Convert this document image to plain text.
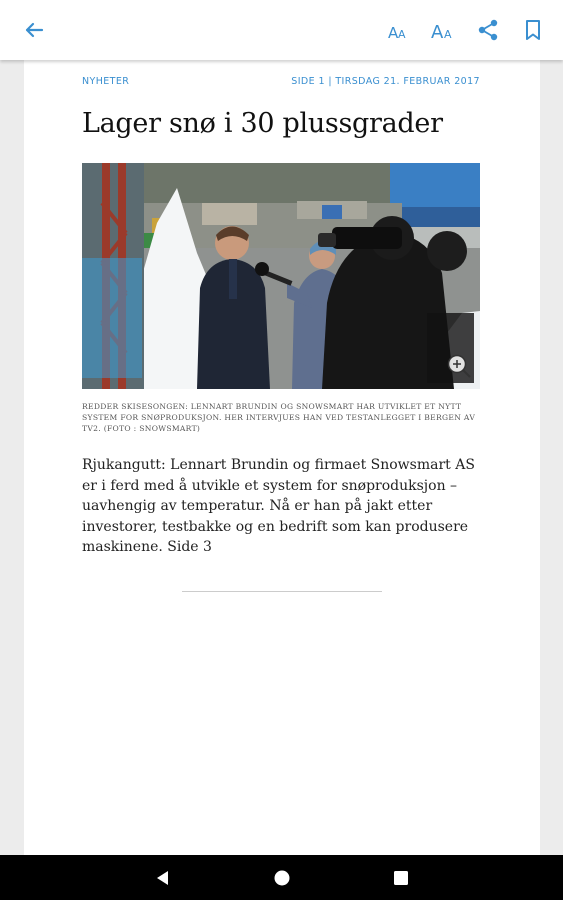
A A A A
NYHETER	SIDE 1 | TIRSDAG 21. FEBRUAR 2017
Lager snø i 30 plussgrader

REDDER SKISESONGEN: LENNART BRUNDIN OG SNOWSMART HAR UTVIKLET ET NYTT SYSTEM FOR SNØPRODUKSJON. HER INTERVJUES HAN VED TESTANLEGGET I BERGEN AV TV2. (FOTO : SNOWSMART)

Rjukangutt: Lennart Brundin og firmaet Snowsmart AS er i ferd med å utvikle et system for snøproduksjon – uavhengig av temperatur. Nå er han på jakt etter investorer, testbakke og en bedrift som kan produsere maskinene. Side 3
